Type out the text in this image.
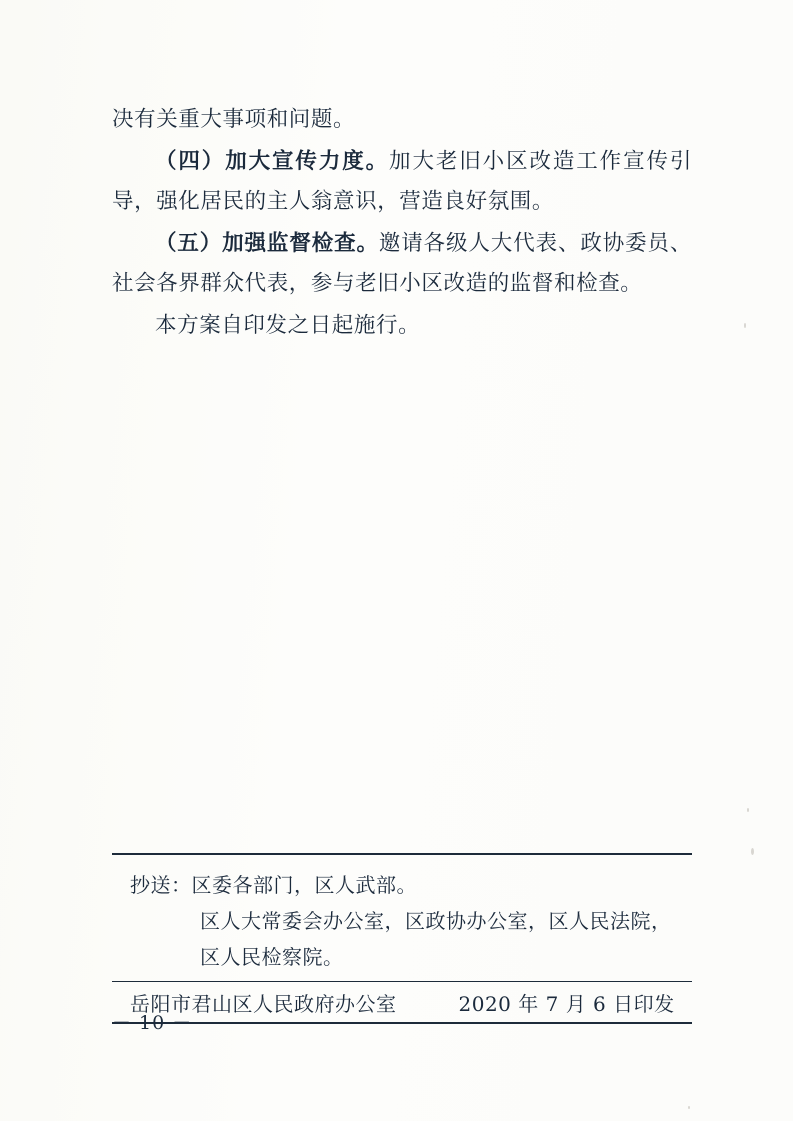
决有关重大事项和问题。

（四）加大宣传力度。加大老旧小区改造工作宣传引导，强化居民的主人翁意识，营造良好氛围。

（五）加强监督检查。邀请各级人大代表、政协委员、社会各界群众代表，参与老旧小区改造的监督和检查。

本方案自印发之日起施行。

抄送：区委各部门，区人武部。
区人大常委会办公室，区政协办公室，区人民法院，
区人民检察院。
岳阳市君山区人民政府办公室	2020 年 7 月 6 日印发
－ 10 －
